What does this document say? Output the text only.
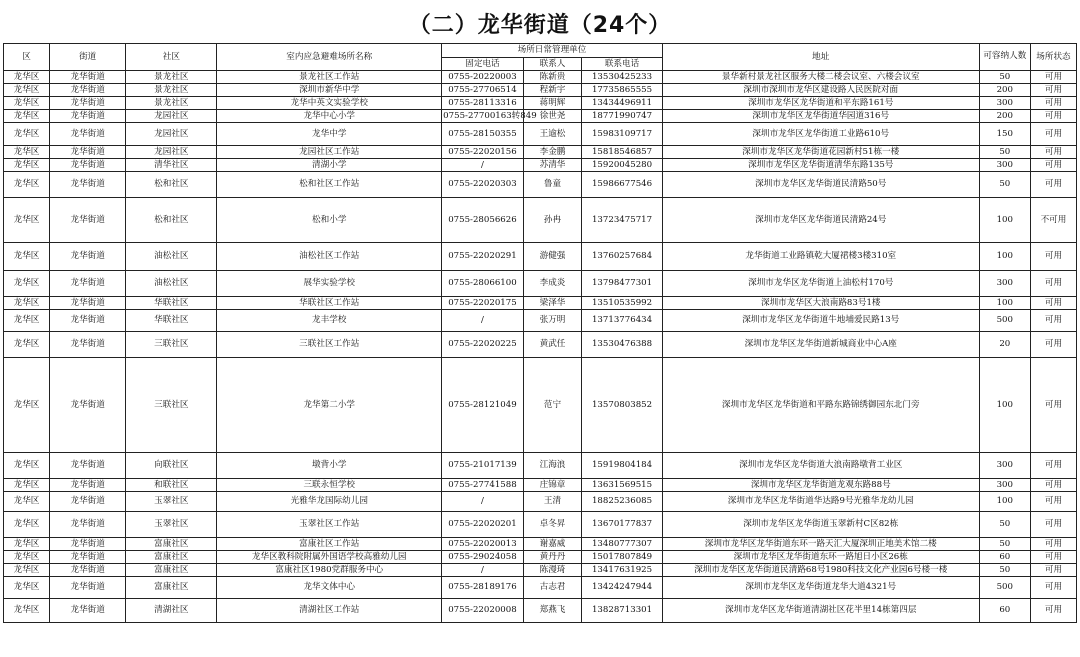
（二）龙华街道（24个）
区	街道	社区	室内应急避难场所名称	场所日常管理单位			地址	可容纳人数	场所状态
				固定电话	联系人	联系电话			
龙华区	龙华街道	景龙社区	景龙社区工作站	0755-20220003	陈新贵	13530425233	景华新村景龙社区服务大楼二楼会议室、六楼会议室	50	可用
龙华区	龙华街道	景龙社区	深圳市新华中学	0755-27706514	程新宇	17735865555	深圳市深圳市龙华区建设路人民医院对面	200	可用
龙华区	龙华街道	景龙社区	龙华中英文实验学校	0755-28113316	蒋明辉	13434496911	深圳市龙华区龙华街道和平东路161号	300	可用
龙华区	龙华街道	龙园社区	龙华中心小学	0755-27700163转849	徐世尧	18771990747	深圳市龙华区龙华街道华园道316号	200	可用
龙华区	龙华街道	龙园社区	龙华中学	0755-28150355	王逾松	15983109717	深圳市龙华区龙华街道工业路610号	150	可用
龙华区	龙华街道	龙园社区	龙园社区工作站	0755-22020156	李金鹏	15818546857	深圳市龙华区龙华街道花园新村51栋一楼	50	可用
龙华区	龙华街道	清华社区	清湖小学	/	苏清华	15920045280	深圳市龙华区龙华街道清华东路135号	300	可用
龙华区	龙华街道	松和社区	松和社区工作站	0755-22020303	鲁童	15986677546	深圳市龙华区龙华街道民清路50号	50	可用
龙华区	龙华街道	松和社区	松和小学	0755-28056626	孙冉	13723475717	深圳市龙华区龙华街道民清路24号	100	不可用
龙华区	龙华街道	油松社区	油松社区工作站	0755-22020291	游健强	13760257684	龙华街道工业路镇乾大厦裙楼3楼310室	100	可用
龙华区	龙华街道	油松社区	展华实验学校	0755-28066100	李成炎	13798477301	深圳市龙华区龙华街道上油松村170号	300	可用
龙华区	龙华街道	华联社区	华联社区工作站	0755-22020175	梁泽华	13510535992	深圳市龙华区大浪南路83号1楼	100	可用
龙华区	龙华街道	华联社区	龙丰学校	/	张万明	13713776434	深圳市龙华区龙华街道牛地埔爱民路13号	500	可用
龙华区	龙华街道	三联社区	三联社区工作站	0755-22020225	黄武任	13530476388	深圳市龙华区龙华街道新城商业中心A座	20	可用
龙华区	龙华街道	三联社区	龙华第二小学	0755-28121049	范宁	13570803852	深圳市龙华区龙华街道和平路东路锦绣御园东北门旁	100	可用
龙华区	龙华街道	向联社区	墩背小学	0755-21017139	江海浪	15919804184	深圳市龙华区龙华街道大浪南路墩背工业区	300	可用
龙华区	龙华街道	和联社区	三联永恒学校	0755-27741588	庄锦章	13631569515	深圳市龙华区龙华街道龙观东路88号	300	可用
龙华区	龙华街道	玉翠社区	光雅华龙国际幼儿园	/	王清	18825236085	深圳市龙华区龙华街道华达路9号光雅华龙幼儿园	100	可用
龙华区	龙华街道	玉翠社区	玉翠社区工作站	0755-22020201	卓冬昇	13670177837	深圳市龙华区龙华街道玉翠新村C区82栋	50	可用
龙华区	龙华街道	富康社区	富康社区工作站	0755-22020013	谢嘉威	13480777307	深圳市龙华区龙华街道东环一路天汇大厦深圳正地美术馆二楼	50	可用
龙华区	龙华街道	富康社区	龙华区教科院附属外国语学校高雅幼儿园	0755-29024058	黄丹丹	15017807849	深圳市龙华区龙华街道东环一路旭日小区26栋	60	可用
龙华区	龙华街道	富康社区	富康社区1980党群服务中心	/	陈漫琦	13417631925	深圳市龙华区龙华街道民清路68号1980科技文化产业园6号楼一楼	50	可用
龙华区	龙华街道	富康社区	龙华文体中心	0755-28189176	古志君	13424247944	深圳市龙华区龙华街道龙华大道4321号	500	可用
龙华区	龙华街道	清湖社区	清湖社区工作站	0755-22020008	郑燕飞	13828713301	深圳市龙华区龙华街道清湖社区花半里14栋第四层	60	可用
